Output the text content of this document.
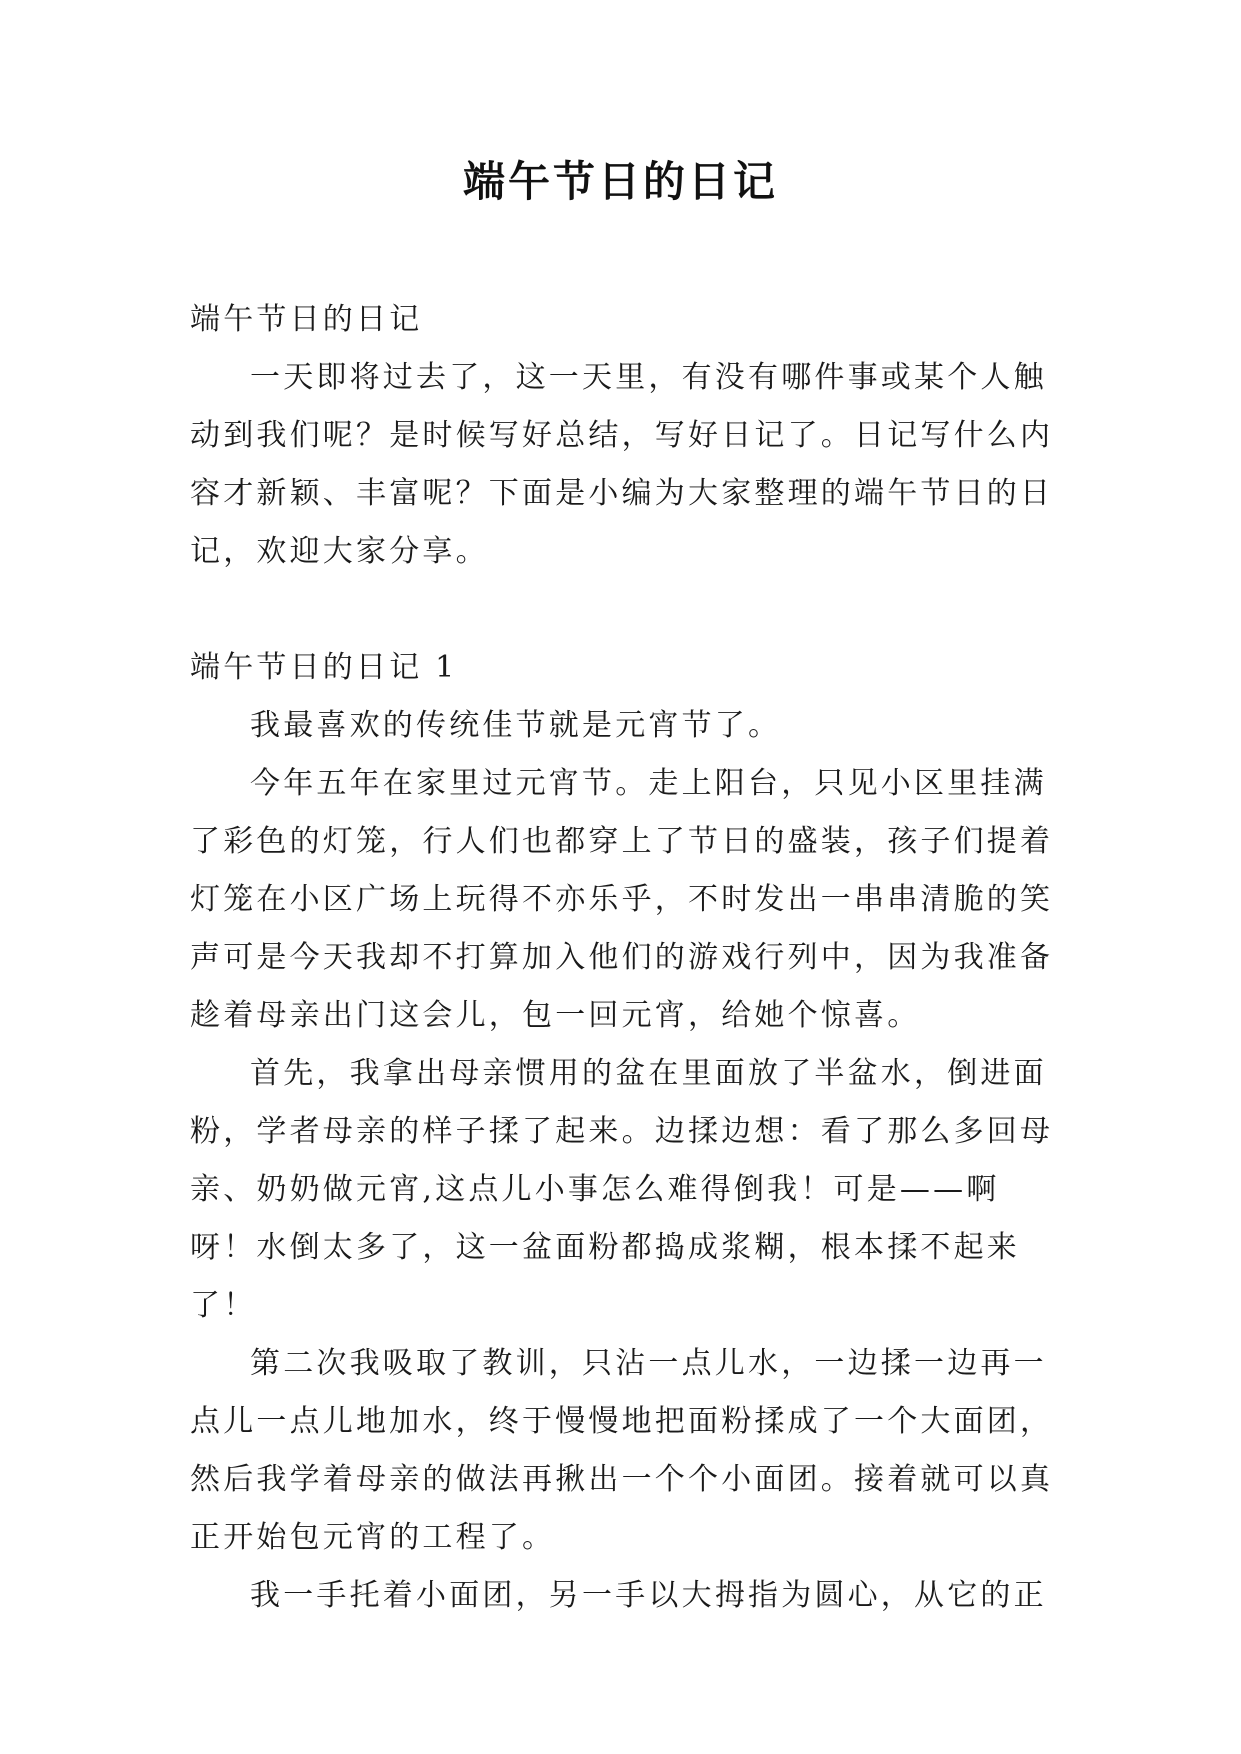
端午节日的日记

端午节日的日记

一天即将过去了，这一天里，有没有哪件事或某个人触动到我们呢？是时候写好总结，写好日记了。日记写什么内容才新颖、丰富呢？下面是小编为大家整理的端午节日的日记，欢迎大家分享。

端午节日的日记 1

我最喜欢的传统佳节就是元宵节了。

今年五年在家里过元宵节。走上阳台，只见小区里挂满了彩色的灯笼，行人们也都穿上了节日的盛装，孩子们提着灯笼在小区广场上玩得不亦乐乎，不时发出一串串清脆的笑声可是今天我却不打算加入他们的游戏行列中，因为我准备趁着母亲出门这会儿，包一回元宵，给她个惊喜。

首先，我拿出母亲惯用的盆在里面放了半盆水，倒进面粉，学者母亲的样子揉了起来。边揉边想：看了那么多回母亲、奶奶做元宵,这点儿小事怎么难得倒我！可是——啊呀！水倒太多了，这一盆面粉都捣成浆糊，根本揉不起来了！

第二次我吸取了教训，只沾一点儿水，一边揉一边再一点儿一点儿地加水，终于慢慢地把面粉揉成了一个大面团，然后我学着母亲的做法再揪出一个个小面团。接着就可以真正开始包元宵的工程了。

我一手托着小面团，另一手以大拇指为圆心，从它的正
